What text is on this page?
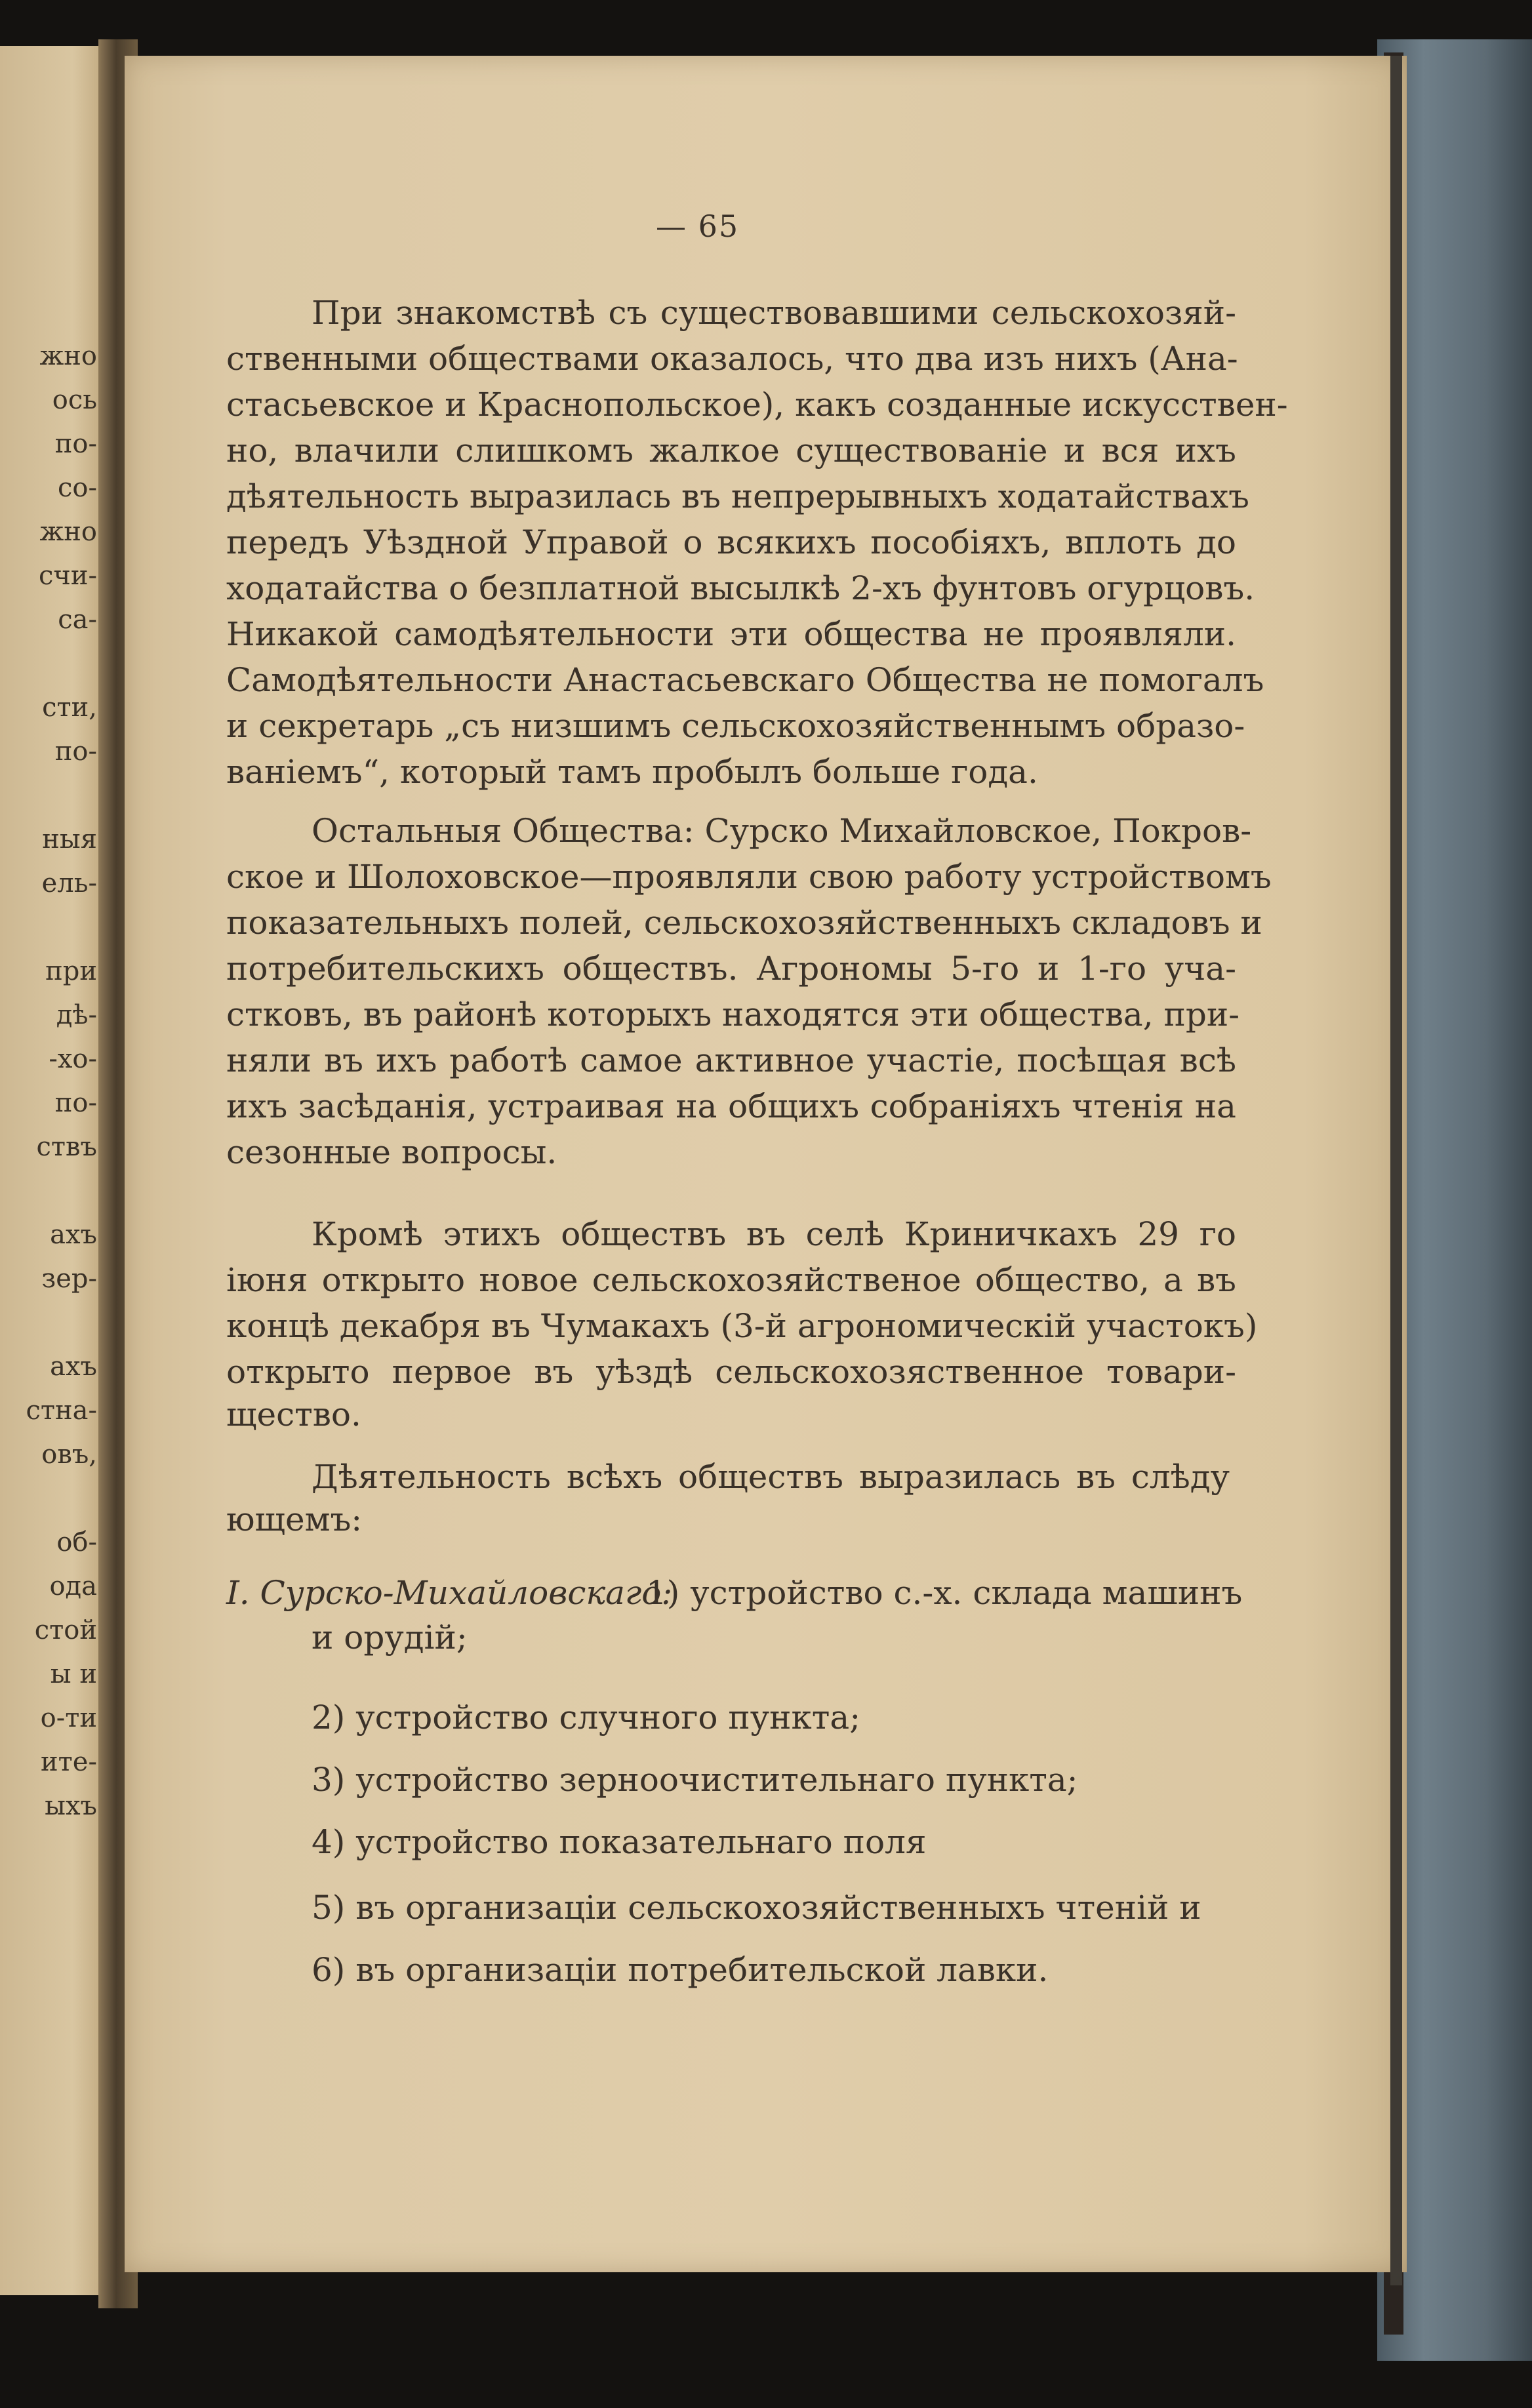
жно
ось
по-
со-
жно
счи-
са-
сти,
по-
ныя
ель-
при
дѣ-
-хо-
по-
ствъ
ахъ
зер-
ахъ
стна-
овъ,
об-
ода
стой
ы и
о-ти
ите-
ыхъ
— 65
При знакомствѣ съ существовавшими сельскохозяй-
ственными обществами оказалось, что два изъ нихъ (Ана-
стасьевское и Краснопольское), какъ созданные искусствен-
но, влачили слишкомъ жалкое существованіе и вся ихъ
дѣятельность выразилась въ непрерывныхъ ходатайствахъ
передъ Уѣздной Управой о всякихъ пособіяхъ, вплоть до
ходатайства о безплатной высылкѣ 2-хъ фунтовъ огурцовъ.
Никакой самодѣятельности эти общества не проявляли.
Самодѣятельности Анастасьевскаго Общества не помогалъ
и секретарь „съ низшимъ сельскохозяйственнымъ образо-
ваніемъ“, который тамъ пробылъ больше года.
Остальныя Общества: Сурско Михайловское, Покров-
ское и Шолоховское—проявляли свою работу устройствомъ
показательныхъ полей, сельскохозяйственныхъ складовъ и
потребительскихъ обществъ. Агрономы 5-го и 1-го уча-
стковъ, въ районѣ которыхъ находятся эти общества, при-
няли въ ихъ работѣ самое активное участіе, посѣщая всѣ
ихъ засѣданія, устраивая на общихъ собраніяхъ чтенія на
сезонные вопросы.
Кромѣ этихъ обществъ въ селѣ Криничкахъ 29 го
іюня открыто новое сельскохозяйственое общество, а въ
концѣ декабря въ Чумакахъ (3-й агрономическій участокъ)
открыто первое въ уѣздѣ сельскохозяственное товари-
щество.
Дѣятельность всѣхъ обществъ выразилась въ слѣду
ющемъ:
I. Сурско-Михайловскаго:
1) устройство с.-х. склада машинъ
и орудій;
2) устройство случного пункта;
3) устройство зерноочистительнаго пункта;
4) устройство показательнаго поля
5) въ организаціи сельскохозяйственныхъ чтеній и
6) въ организаціи потребительской лавки.
